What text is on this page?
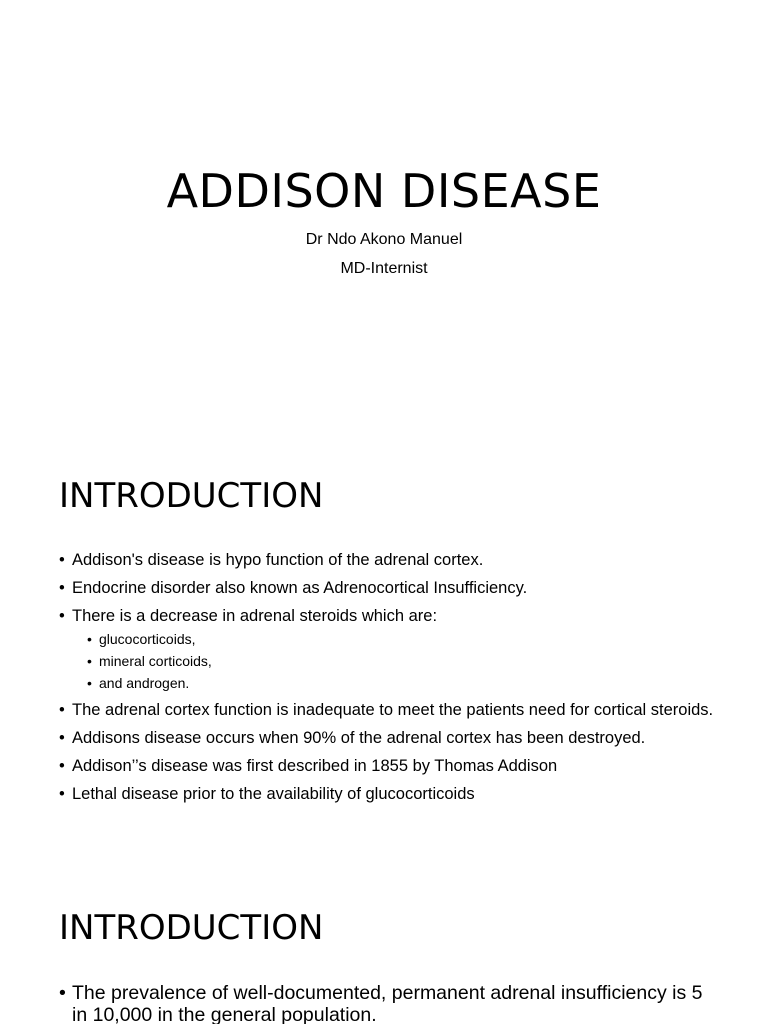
ADDISON DISEASE
Dr Ndo Akono Manuel
MD-Internist
INTRODUCTION
• Addison's disease is hypo function of the adrenal cortex.
• Endocrine disorder also known as Adrenocortical Insufficiency.
• There is a decrease in adrenal steroids which are:
• glucocorticoids,
• mineral corticoids,
• and androgen.
• The adrenal cortex function is inadequate to meet the patients need for cortical steroids.
• Addisons disease occurs when 90% of the adrenal cortex has been destroyed.
• Addison’’s disease was first described in 1855 by Thomas Addison
• Lethal disease prior to the availability of glucocorticoids
INTRODUCTION
• The prevalence of well-documented, permanent adrenal insufficiency is 5 in 10,000 in the general population.
